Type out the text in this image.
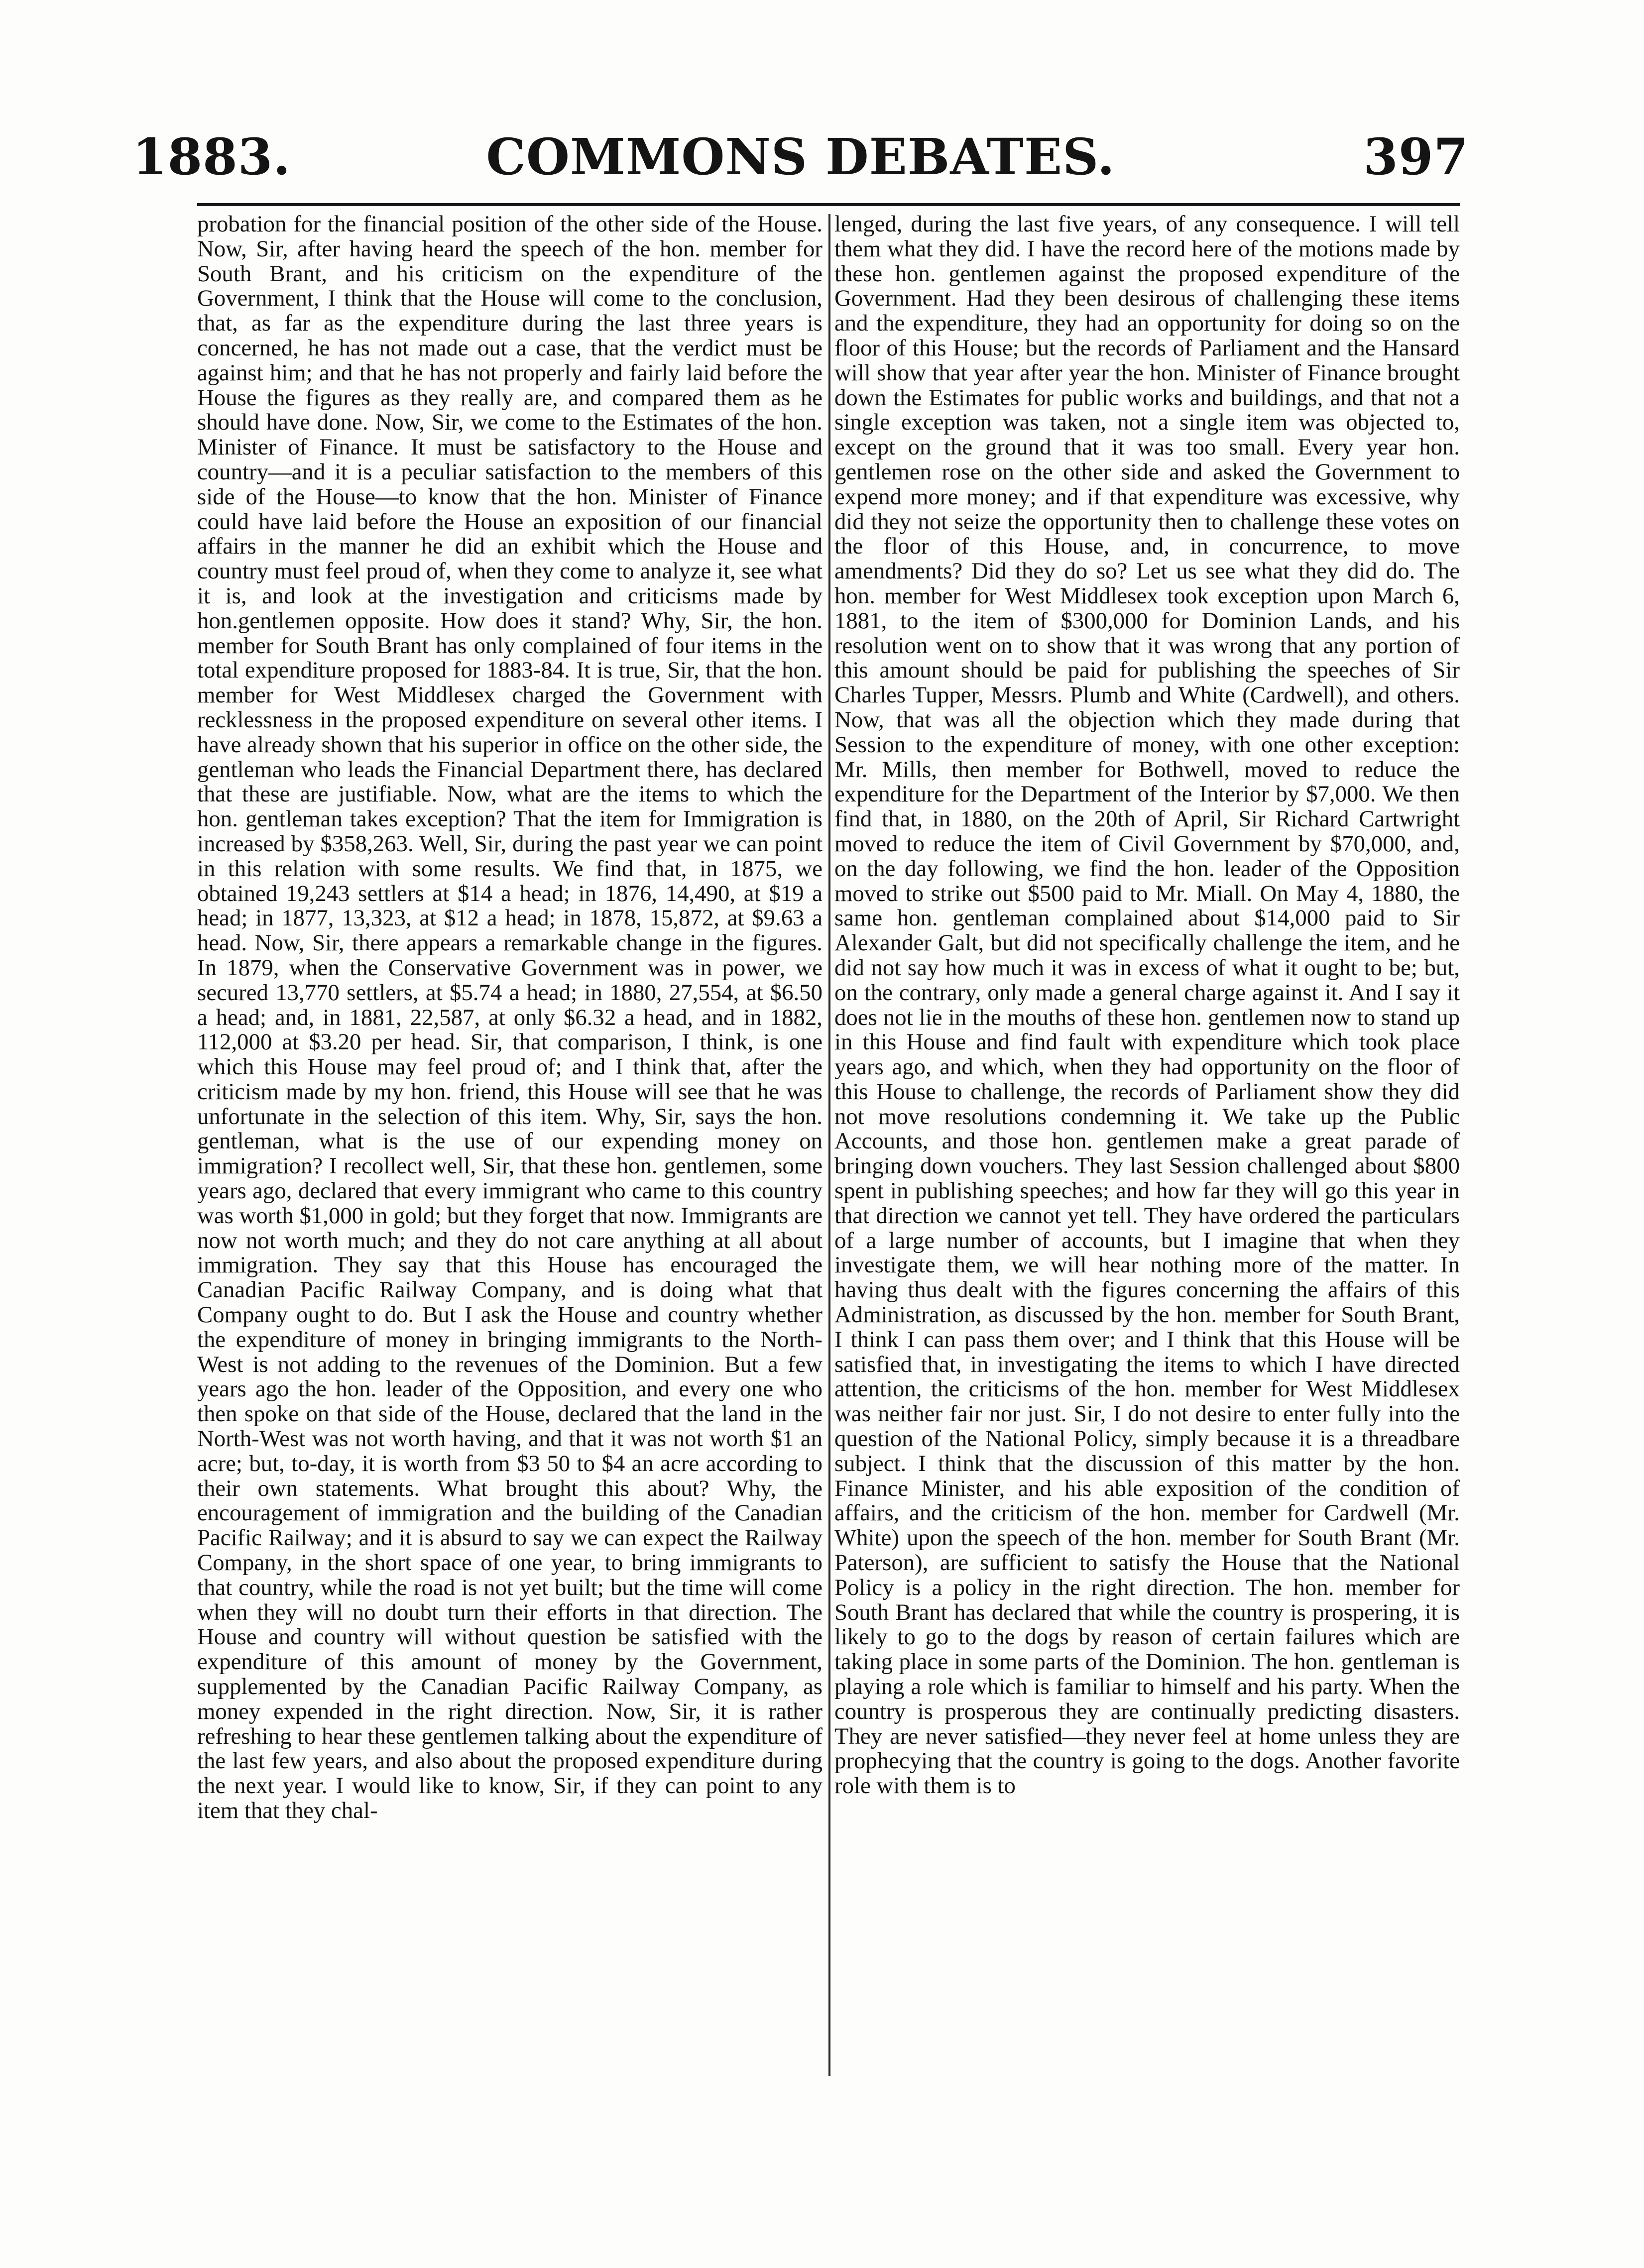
1883.	COMMONS DEBATES.	397

probation for the financial position of the other side of the House. Now, Sir, after having heard the speech of the hon. member for South Brant, and his criticism on the expenditure of the Government, I think that the House will come to the conclusion, that, as far as the expenditure during the last three years is concerned, he has not made out a case, that the verdict must be against him; and that he has not properly and fairly laid before the House the figures as they really are, and compared them as he should have done. Now, Sir, we come to the Estimates of the hon. Minister of Finance. It must be satisfactory to the House and country—and it is a peculiar satisfaction to the members of this side of the House—to know that the hon. Minister of Finance could have laid before the House an exposition of our financial affairs in the manner he did an exhibit which the House and country must feel proud of, when they come to analyze it, see what it is, and look at the investigation and criticisms made by hon.gentlemen opposite. How does it stand? Why, Sir, the hon. member for South Brant has only complained of four items in the total expenditure proposed for 1883-84. It is true, Sir, that the hon. member for West Middlesex charged the Government with recklessness in the proposed expenditure on several other items. I have already shown that his superior in office on the other side, the gentleman who leads the Financial Department there, has declared that these are justifiable. Now, what are the items to which the hon. gentleman takes exception? That the item for Immigration is increased by $358,263. Well, Sir, during the past year we can point in this relation with some results. We find that, in 1875, we obtained 19,243 settlers at $14 a head; in 1876, 14,490, at $19 a head; in 1877, 13,323, at $12 a head; in 1878, 15,872, at $9.63 a head. Now, Sir, there appears a remarkable change in the figures. In 1879, when the Conservative Government was in power, we secured 13,770 settlers, at $5.74 a head; in 1880, 27,554, at $6.50 a head; and, in 1881, 22,587, at only $6.32 a head, and in 1882, 112,000 at $3.20 per head. Sir, that comparison, I think, is one which this House may feel proud of; and I think that, after the criticism made by my hon. friend, this House will see that he was unfortunate in the selection of this item. Why, Sir, says the hon. gentleman, what is the use of our expending money on immigration? I recollect well, Sir, that these hon. gentlemen, some years ago, declared that every immigrant who came to this country was worth $1,000 in gold; but they forget that now. Immigrants are now not worth much; and they do not care anything at all about immigration. They say that this House has encouraged the Canadian Pacific Railway Company, and is doing what that Company ought to do. But I ask the House and country whether the expenditure of money in bringing immigrants to the North-West is not adding to the revenues of the Dominion. But a few years ago the hon. leader of the Opposition, and every one who then spoke on that side of the House, declared that the land in the North-West was not worth having, and that it was not worth $1 an acre; but, to-day, it is worth from $3 50 to $4 an acre according to their own statements. What brought this about? Why, the encouragement of immigration and the building of the Canadian Pacific Railway; and it is absurd to say we can expect the Railway Company, in the short space of one year, to bring immigrants to that country, while the road is not yet built; but the time will come when they will no doubt turn their efforts in that direction. The House and country will without question be satisfied with the expenditure of this amount of money by the Government, supplemented by the Canadian Pacific Railway Company, as money expended in the right direction. Now, Sir, it is rather refreshing to hear these gentlemen talking about the expenditure of the last few years, and also about the proposed expenditure during the next year. I would like to know, Sir, if they can point to any item that they chal-

lenged, during the last five years, of any consequence. I will tell them what they did. I have the record here of the motions made by these hon. gentlemen against the proposed expenditure of the Government. Had they been desirous of challenging these items and the expenditure, they had an opportunity for doing so on the floor of this House; but the records of Parliament and the Hansard will show that year after year the hon. Minister of Finance brought down the Estimates for public works and buildings, and that not a single exception was taken, not a single item was objected to, except on the ground that it was too small. Every year hon. gentlemen rose on the other side and asked the Government to expend more money; and if that expenditure was excessive, why did they not seize the opportunity then to challenge these votes on the floor of this House, and, in concurrence, to move amendments? Did they do so? Let us see what they did do. The hon. member for West Middlesex took exception upon March 6, 1881, to the item of $300,000 for Dominion Lands, and his resolution went on to show that it was wrong that any portion of this amount should be paid for publishing the speeches of Sir Charles Tupper, Messrs. Plumb and White (Cardwell), and others. Now, that was all the objection which they made during that Session to the expenditure of money, with one other exception: Mr. Mills, then member for Bothwell, moved to reduce the expenditure for the Department of the Interior by $7,000. We then find that, in 1880, on the 20th of April, Sir Richard Cartwright moved to reduce the item of Civil Government by $70,000, and, on the day following, we find the hon. leader of the Opposition moved to strike out $500 paid to Mr. Miall. On May 4, 1880, the same hon. gentleman complained about $14,000 paid to Sir Alexander Galt, but did not specifically challenge the item, and he did not say how much it was in excess of what it ought to be; but, on the contrary, only made a general charge against it. And I say it does not lie in the mouths of these hon. gentlemen now to stand up in this House and find fault with expenditure which took place years ago, and which, when they had opportunity on the floor of this House to challenge, the records of Parliament show they did not move resolutions condemning it. We take up the Public Accounts, and those hon. gentlemen make a great parade of bringing down vouchers. They last Session challenged about $800 spent in publishing speeches; and how far they will go this year in that direction we cannot yet tell. They have ordered the particulars of a large number of accounts, but I imagine that when they investigate them, we will hear nothing more of the matter. In having thus dealt with the figures concerning the affairs of this Administration, as discussed by the hon. member for South Brant, I think I can pass them over; and I think that this House will be satisfied that, in investigating the items to which I have directed attention, the criticisms of the hon. member for West Middlesex was neither fair nor just. Sir, I do not desire to enter fully into the question of the National Policy, simply because it is a threadbare subject. I think that the discussion of this matter by the hon. Finance Minister, and his able exposition of the condition of affairs, and the criticism of the hon. member for Cardwell (Mr. White) upon the speech of the hon. member for South Brant (Mr. Paterson), are sufficient to satisfy the House that the National Policy is a policy in the right direction. The hon. member for South Brant has declared that while the country is prospering, it is likely to go to the dogs by reason of certain failures which are taking place in some parts of the Dominion. The hon. gentleman is playing a role which is familiar to himself and his party. When the country is prosperous they are continually predicting disasters. They are never satisfied—they never feel at home unless they are prophecying that the country is going to the dogs. Another favorite role with them is to
